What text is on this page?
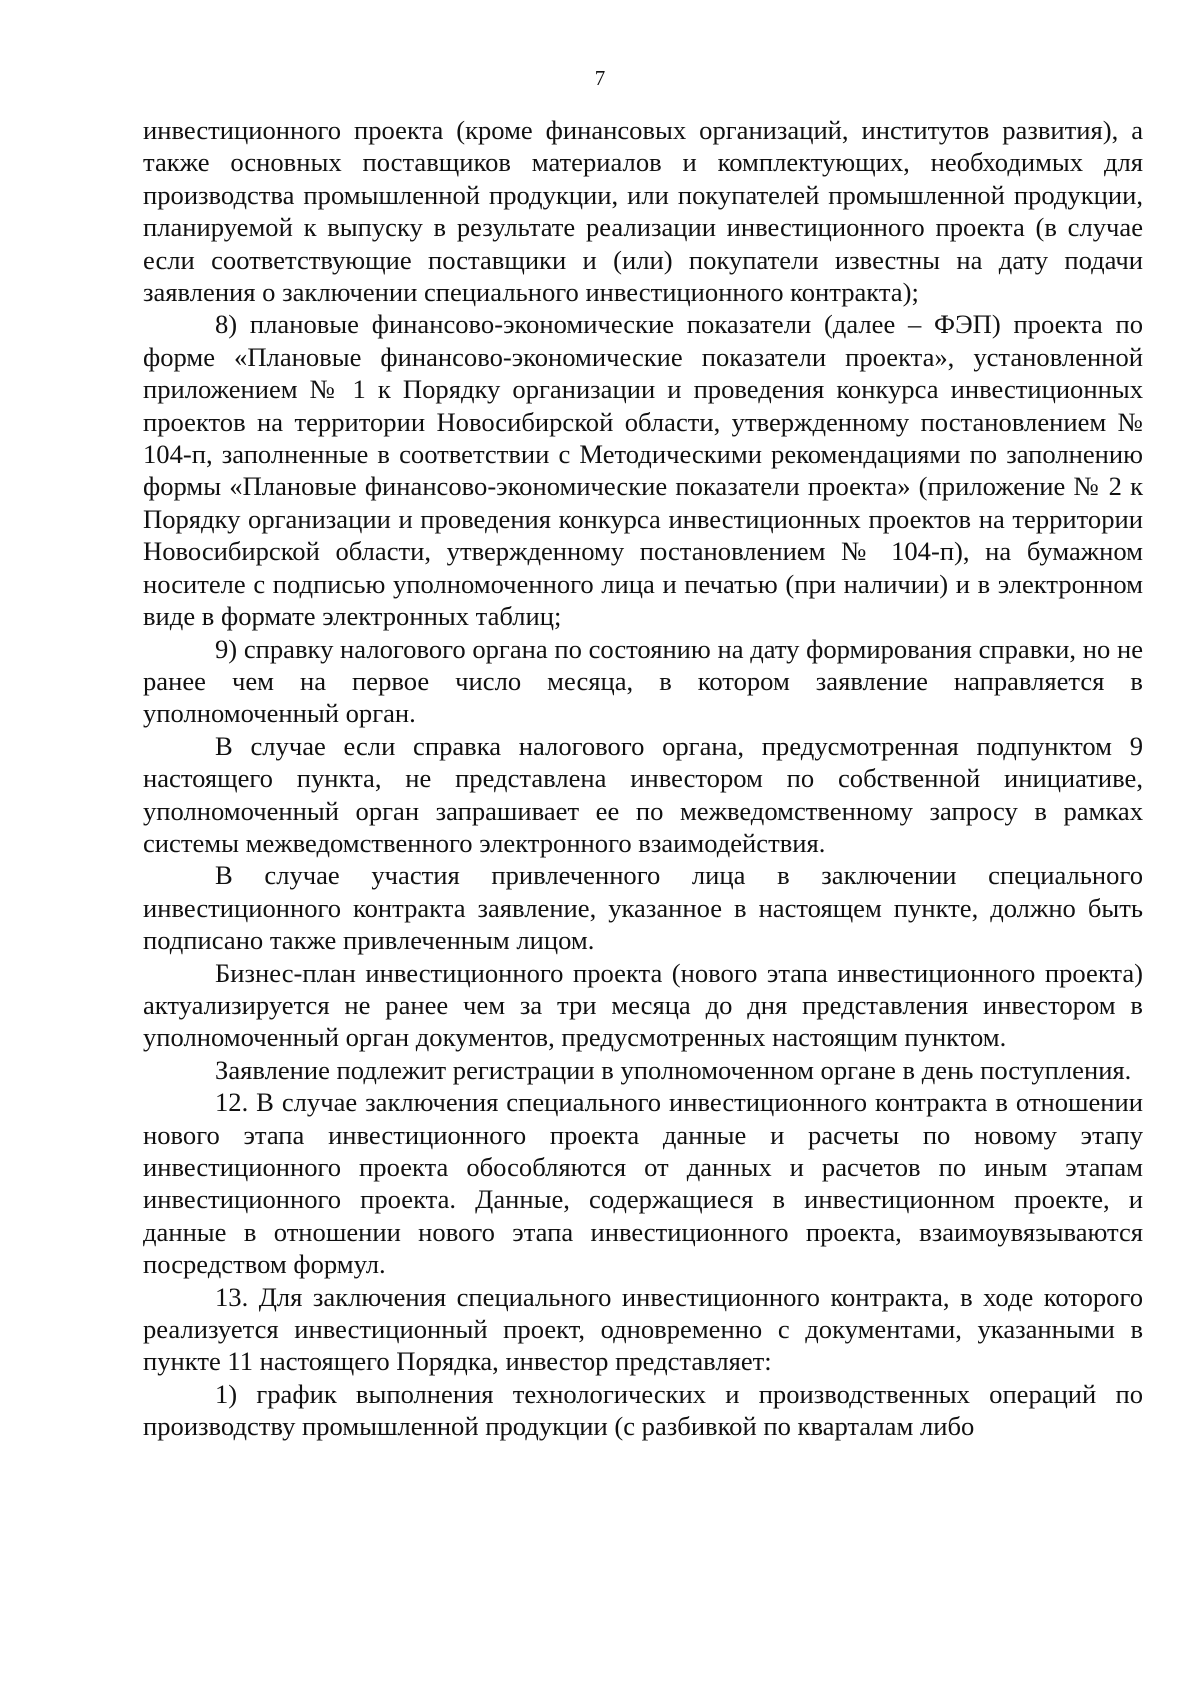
7

инвестиционного проекта (кроме финансовых организаций, институтов развития), а также основных поставщиков материалов и комплектующих, необходимых для производства промышленной продукции, или покупателей промышленной продукции, планируемой к выпуску в результате реализации инвестиционного проекта (в случае если соответствующие поставщики и (или) покупатели известны на дату подачи заявления о заключении специального инвестиционного контракта);

8) плановые финансово-экономические показатели (далее – ФЭП) проекта по форме «Плановые финансово-экономические показатели проекта», установленной приложением № 1 к Порядку организации и проведения конкурса инвестиционных проектов на территории Новосибирской области, утвержденному постановлением № 104-п, заполненные в соответствии с Методическими рекомендациями по заполнению формы «Плановые финансово-экономические показатели проекта» (приложение № 2 к Порядку организации и проведения конкурса инвестиционных проектов на территории Новосибирской области, утвержденному постановлением № 104-п), на бумажном носителе с подписью уполномоченного лица и печатью (при наличии) и в электронном виде в формате электронных таблиц;

9) справку налогового органа по состоянию на дату формирования справки, но не ранее чем на первое число месяца, в котором заявление направляется в уполномоченный орган.

В случае если справка налогового органа, предусмотренная подпунктом 9 настоящего пункта, не представлена инвестором по собственной инициативе, уполномоченный орган запрашивает ее по межведомственному запросу в рамках системы межведомственного электронного взаимодействия.

В случае участия привлеченного лица в заключении специального инвестиционного контракта заявление, указанное в настоящем пункте, должно быть подписано также привлеченным лицом.

Бизнес-план инвестиционного проекта (нового этапа инвестиционного проекта) актуализируется не ранее чем за три месяца до дня представления инвестором в уполномоченный орган документов, предусмотренных настоящим пунктом.

Заявление подлежит регистрации в уполномоченном органе в день поступления.

12. В случае заключения специального инвестиционного контракта в отношении нового этапа инвестиционного проекта данные и расчеты по новому этапу инвестиционного проекта обособляются от данных и расчетов по иным этапам инвестиционного проекта. Данные, содержащиеся в инвестиционном проекте, и данные в отношении нового этапа инвестиционного проекта, взаимоувязываются посредством формул.

13. Для заключения специального инвестиционного контракта, в ходе которого реализуется инвестиционный проект, одновременно с документами, указанными в пункте 11 настоящего Порядка, инвестор представляет:

1) график выполнения технологических и производственных операций по производству промышленной продукции (с разбивкой по кварталам либо
